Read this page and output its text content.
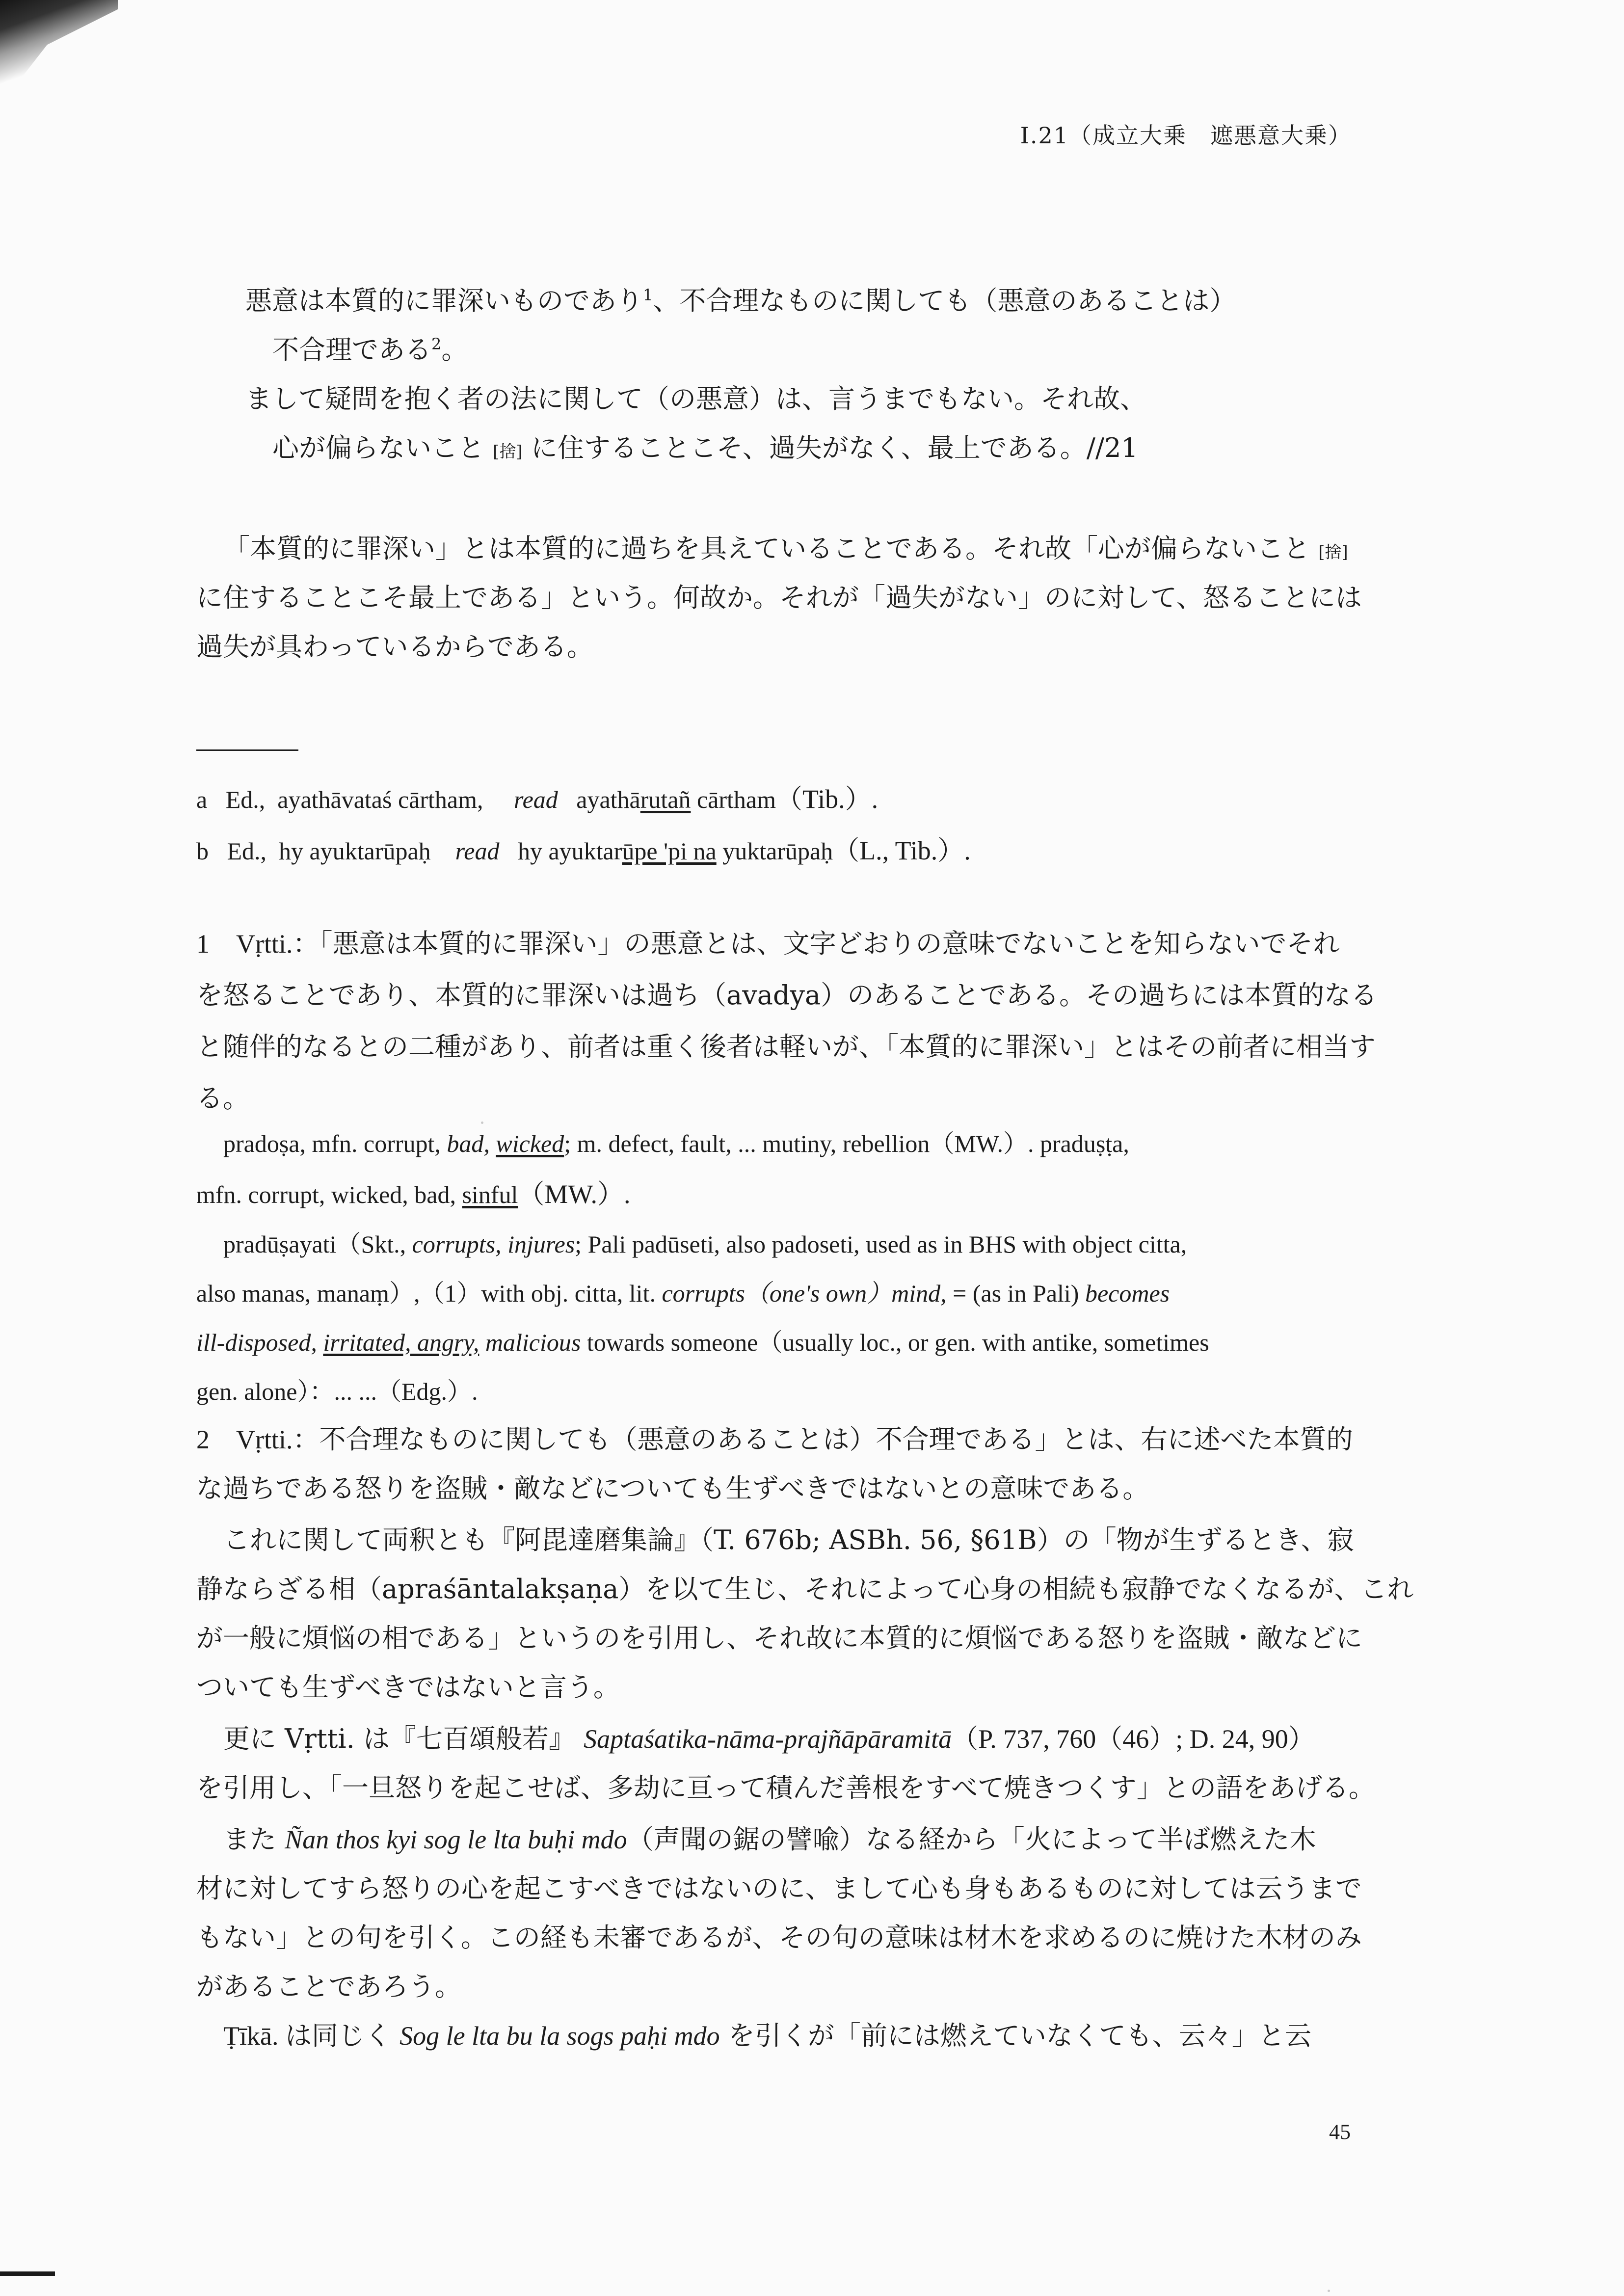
I.21（成立大乗　遮悪意大乗）
悪意は本質的に罪深いものであり$^1$、不合理なものに関しても（悪意のあることは）
不合理である$^2$。
まして疑問を抱く者の法に関して（の悪意）は、言うまでもない。それ故、
心が偏らないこと [捨] に住することこそ、過失がなく、最上である。//21
「本質的に罪深い」とは本質的に過ちを具えていることである。それ故「心が偏らないこと [捨]
に住することこそ最上である」という。何故か。それが「過失がない」のに対して、怒ることには
過失が具わっているからである。
a Ed., ayathāvataś cārtham, read ayathārutañ cārtham（Tib.）.
b Ed., hy ayuktarūpaḥ read hy ayuktarūpe 'pi na yuktarūpaḥ（L., Tib.）.
1　Vṛtti.：「悪意は本質的に罪深い」の悪意とは、文字どおりの意味でないことを知らないでそれ
を怒ることであり、本質的に罪深いは過ち（avadya）のあることである。その過ちには本質的なる
と随伴的なるとの二種があり、前者は重く後者は軽いが、「本質的に罪深い」とはその前者に相当す
る。
pradoṣa, mfn. corrupt, bad, wicked; m. defect, fault, ... mutiny, rebellion（MW.）. praduṣṭa,
mfn. corrupt, wicked, bad, sinful（MW.）.
pradūṣayati（Skt., corrupts, injures; Pali padūseti, also padoseti, used as in BHS with object citta,
also manas, manaṃ）,（1）with obj. citta, lit. corrupts（one's own）mind, = (as in Pali) becomes
ill-disposed, irritated, angry, malicious towards someone（usually loc., or gen. with antike, sometimes
gen. alone）：... ...（Edg.）.
2　Vṛtti.：不合理なものに関しても（悪意のあることは）不合理である」とは、右に述べた本質的
な過ちである怒りを盗賊・敵などについても生ずべきではないとの意味である。
これに関して両釈とも『阿毘達磨集論』（T. 676b; ASBh. 56, §61B）の「物が生ずるとき、寂
静ならざる相（apraśāntalakṣaṇa）を以て生じ、それによって心身の相続も寂静でなくなるが、これ
が一般に煩悩の相である」というのを引用し、それ故に本質的に煩悩である怒りを盗賊・敵などに
ついても生ずべきではないと言う。
更に Vṛtti. は『七百頌般若』 Saptaśatika-nāma-prajñāpāramitā（P. 737, 760（46）; D. 24, 90）
を引用し、「一旦怒りを起こせば、多劫に亘って積んだ善根をすべて焼きつくす」との語をあげる。
また Ñan thos kyi sog le lta buḥi mdo（声聞の鋸の譬喩）なる経から「火によって半ば燃えた木
材に対してすら怒りの心を起こすべきではないのに、まして心も身もあるものに対しては云うまで
もない」との句を引く。この経も未審であるが、その句の意味は材木を求めるのに焼けた木材のみ
があることであろう。
Ṭīkā. は同じく Sog le lta bu la sogs paḥi mdo を引くが「前には燃えていなくても、云々」と云
45
